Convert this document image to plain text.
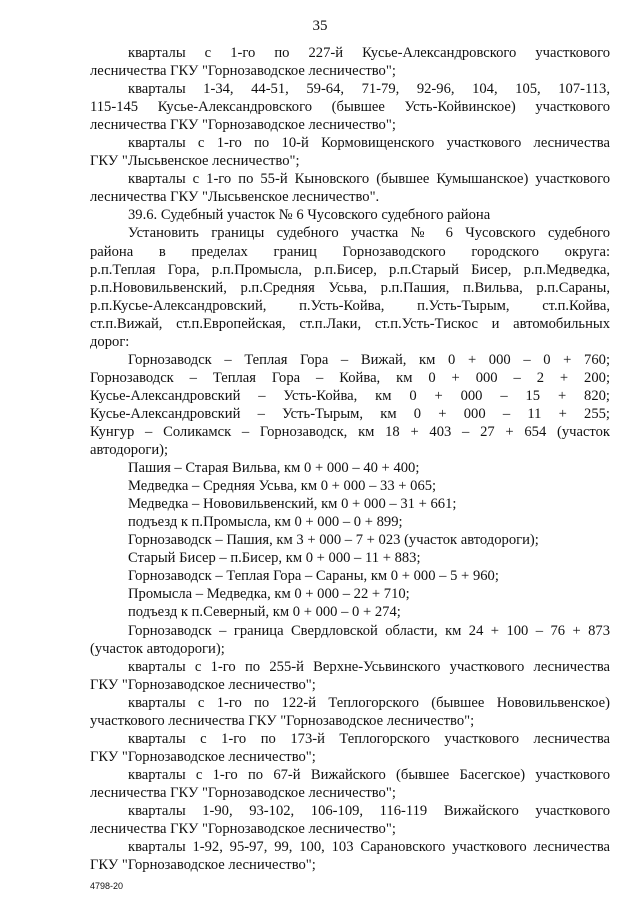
35
кварталы с 1-го по 227-й Кусье-Александровского участкового
лесничества ГКУ "Горнозаводское лесничество";
кварталы 1-34, 44-51, 59-64, 71-79, 92-96, 104, 105, 107-113,
115-145 Кусье-Александровского (бывшее Усть-Койвинское) участкового
лесничества ГКУ "Горнозаводское лесничество";
кварталы с 1-го по 10-й Кормовищенского участкового лесничества
ГКУ "Лысьвенское лесничество";
кварталы с 1-го по 55-й Кыновского (бывшее Кумышанское) участкового
лесничества ГКУ "Лысьвенское лесничество".
39.6. Судебный участок № 6 Чусовского судебного района
Установить границы судебного участка № 6 Чусовского судебного
района в пределах границ Горнозаводского городского округа:
р.п.Теплая Гора, р.п.Промысла, р.п.Бисер, р.п.Старый Бисер, р.п.Медведка,
р.п.Нововильвенский, р.п.Средняя Усьва, р.п.Пашия, п.Вильва, р.п.Сараны,
р.п.Кусье-Александровский, п.Усть-Койва, п.Усть-Тырым, ст.п.Койва,
ст.п.Вижай, ст.п.Европейская, ст.п.Лаки, ст.п.Усть-Тискос и автомобильных
дорог:
Горнозаводск – Теплая Гора – Вижай, км 0 + 000 – 0 + 760;
Горнозаводск – Теплая Гора – Койва, км 0 + 000 – 2 + 200;
Кусье-Александровский – Усть-Койва, км 0 + 000 – 15 + 820;
Кусье-Александровский – Усть-Тырым, км 0 + 000 – 11 + 255;
Кунгур – Соликамск – Горнозаводск, км 18 + 403 – 27 + 654 (участок
автодороги);
Пашия – Старая Вильва, км 0 + 000 – 40 + 400;
Медведка – Средняя Усьва, км 0 + 000 – 33 + 065;
Медведка – Нововильвенский, км 0 + 000 – 31 + 661;
подъезд к п.Промысла, км 0 + 000 – 0 + 899;
Горнозаводск – Пашия, км 3 + 000 – 7 + 023 (участок автодороги);
Старый Бисер – п.Бисер, км 0 + 000 – 11 + 883;
Горнозаводск – Теплая Гора – Сараны, км 0 + 000 – 5 + 960;
Промысла – Медведка, км 0 + 000 – 22 + 710;
подъезд к п.Северный, км 0 + 000 – 0 + 274;
Горнозаводск – граница Свердловской области, км 24 + 100 – 76 + 873
(участок автодороги);
кварталы с 1-го по 255-й Верхне-Усьвинского участкового лесничества
ГКУ "Горнозаводское лесничество";
кварталы с 1-го по 122-й Теплогорского (бывшее Нововильвенское)
участкового лесничества ГКУ "Горнозаводское лесничество";
кварталы с 1-го по 173-й Теплогорского участкового лесничества
ГКУ "Горнозаводское лесничество";
кварталы с 1-го по 67-й Вижайского (бывшее Басегское) участкового
лесничества ГКУ "Горнозаводское лесничество";
кварталы 1-90, 93-102, 106-109, 116-119 Вижайского участкового
лесничества ГКУ "Горнозаводское лесничество";
кварталы 1-92, 95-97, 99, 100, 103 Сарановского участкового лесничества
ГКУ "Горнозаводское лесничество";
4798-20
